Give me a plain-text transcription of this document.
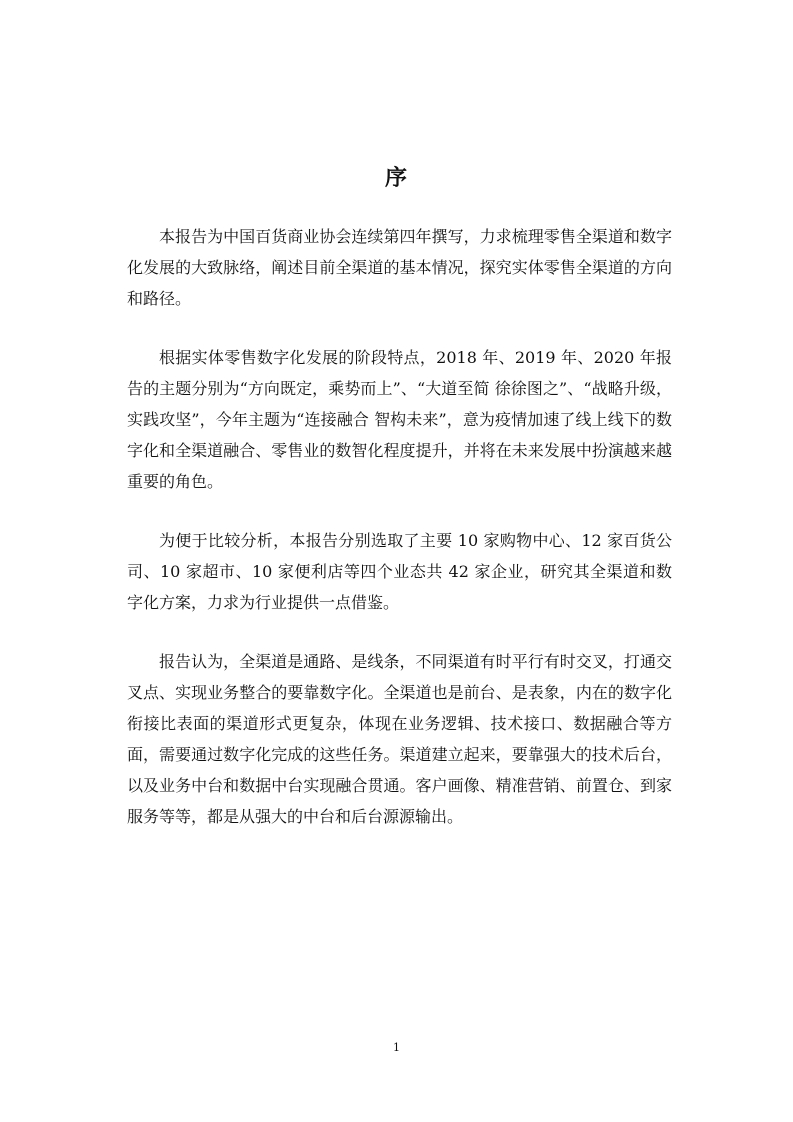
序

本报告为中国百货商业协会连续第四年撰写，力求梳理零售全渠道和数字化发展的大致脉络，阐述目前全渠道的基本情况，探究实体零售全渠道的方向和路径。

根据实体零售数字化发展的阶段特点，2018 年、2019 年、2020 年报告的主题分别为“方向既定，乘势而上”、“大道至简 徐徐图之”、“战略升级，实践攻坚”，今年主题为“连接融合 智构未来”，意为疫情加速了线上线下的数字化和全渠道融合、零售业的数智化程度提升，并将在未来发展中扮演越来越重要的角色。

为便于比较分析，本报告分别选取了主要 10 家购物中心、12 家百货公司、10 家超市、10 家便利店等四个业态共 42 家企业，研究其全渠道和数字化方案，力求为行业提供一点借鉴。

报告认为，全渠道是通路、是线条，不同渠道有时平行有时交叉，打通交叉点、实现业务整合的要靠数字化。全渠道也是前台、是表象，内在的数字化衔接比表面的渠道形式更复杂，体现在业务逻辑、技术接口、数据融合等方面，需要通过数字化完成的这些任务。渠道建立起来，要靠强大的技术后台，以及业务中台和数据中台实现融合贯通。客户画像、精准营销、前置仓、到家服务等等，都是从强大的中台和后台源源输出。

1
